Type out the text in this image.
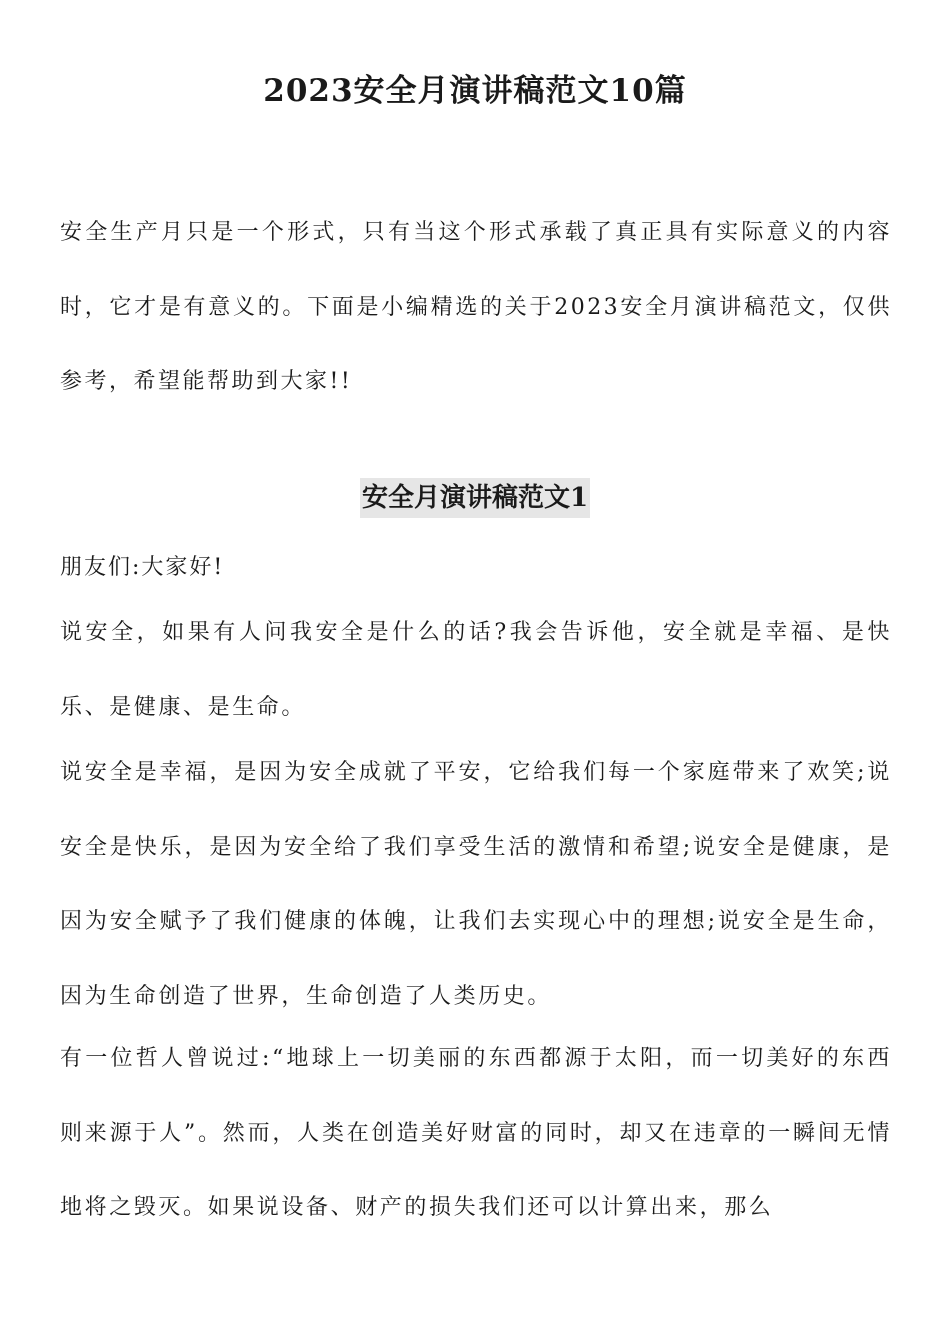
2023安全月演讲稿范文10篇

安全生产月只是一个形式，只有当这个形式承载了真正具有实际意义的内容时，它才是有意义的。下面是小编精选的关于2023安全月演讲稿范文，仅供参考，希望能帮助到大家!!

安全月演讲稿范文1

朋友们:大家好!

说安全，如果有人问我安全是什么的话?我会告诉他，安全就是幸福、是快乐、是健康、是生命。

说安全是幸福，是因为安全成就了平安，它给我们每一个家庭带来了欢笑;说安全是快乐，是因为安全给了我们享受生活的激情和希望;说安全是健康，是因为安全赋予了我们健康的体魄，让我们去实现心中的理想;说安全是生命，因为生命创造了世界，生命创造了人类历史。

有一位哲人曾说过:“地球上一切美丽的东西都源于太阳，而一切美好的东西则来源于人”。然而，人类在创造美好财富的同时，却又在违章的一瞬间无情地将之毁灭。如果说设备、财产的损失我们还可以计算出来，那么
